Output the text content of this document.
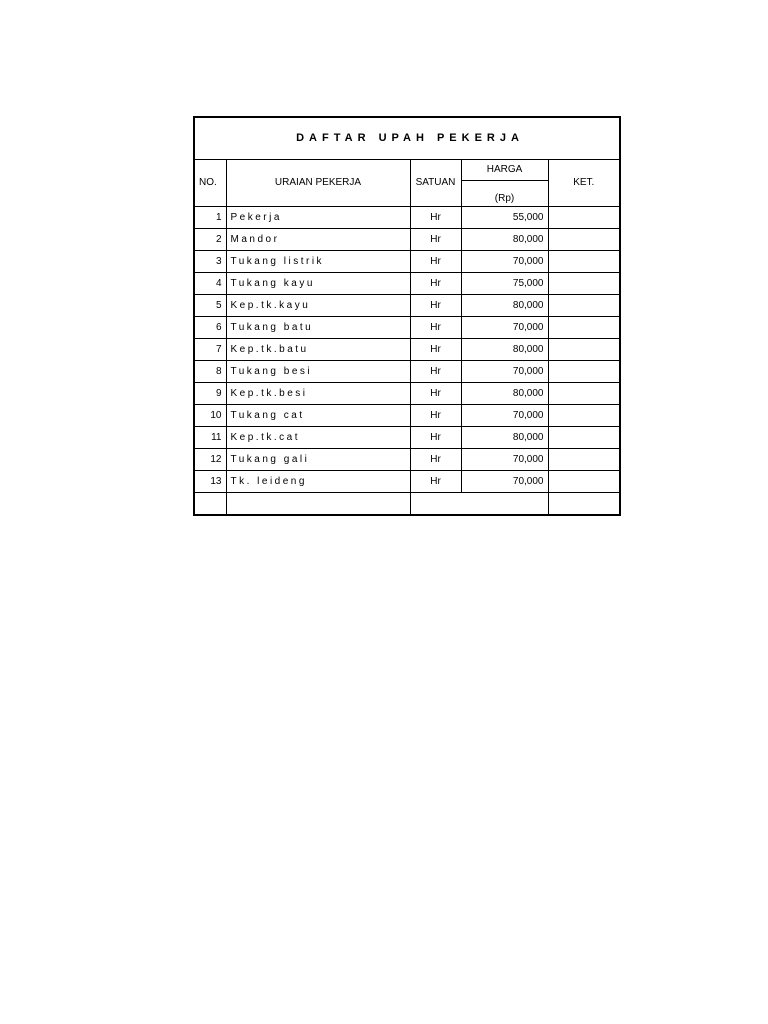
DAFTAR UPAH PEKERJA				
NO.	URAIAN PEKERJA	SATUAN	HARGA	KET.
			(Rp)	
1	Pekerja	Hr	55,000	
2	Mandor	Hr	80,000	
3	Tukang listrik	Hr	70,000	
4	Tukang kayu	Hr	75,000	
5	Kep.tk.kayu	Hr	80,000	
6	Tukang batu	Hr	70,000	
7	Kep.tk.batu	Hr	80,000	
8	Tukang besi	Hr	70,000	
9	Kep.tk.besi	Hr	80,000	
10	Tukang cat	Hr	70,000	
11	Kep.tk.cat	Hr	80,000	
12	Tukang gali	Hr	70,000	
13	Tk. leideng	Hr	70,000	
